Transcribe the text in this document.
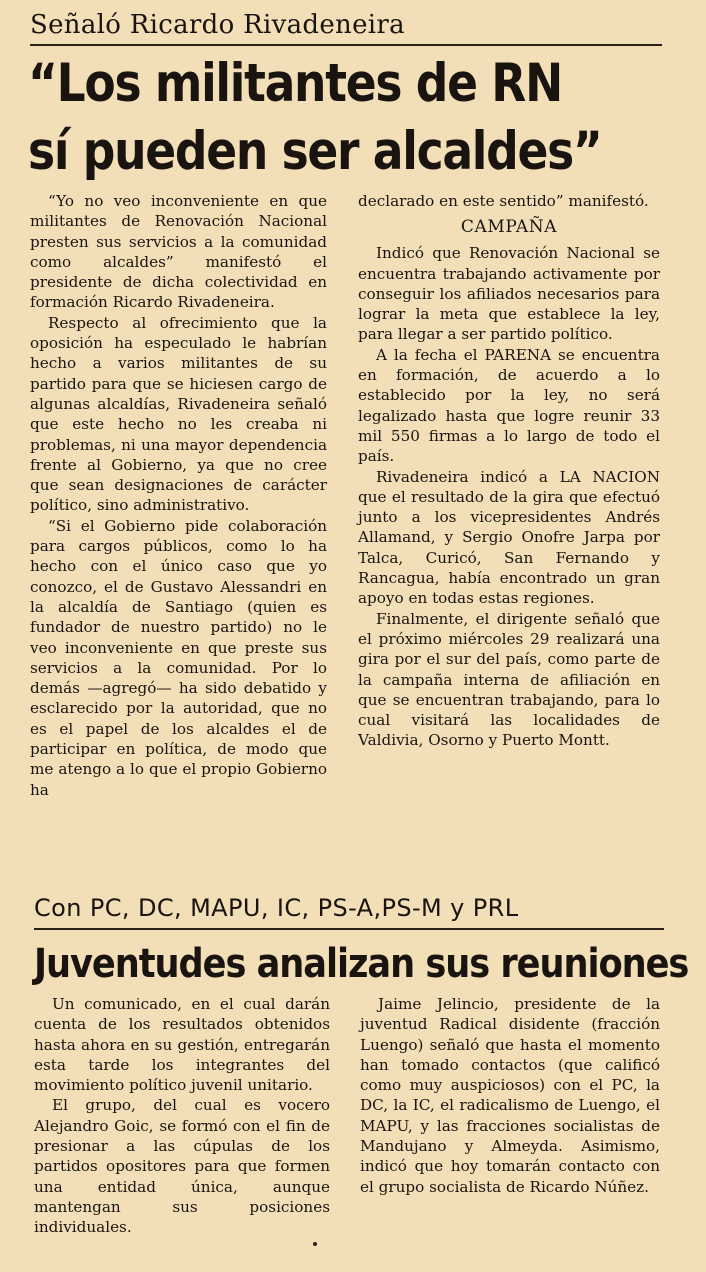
Señaló Ricardo Rivadeneira
“Los militantes de RN
sí pueden ser alcaldes”

“Yo no veo inconveniente en que militantes de Renovación Nacional presten sus servicios a la comunidad como alcaldes” manifestó el presidente de dicha colectividad en formación Ricardo Rivadeneira.

Respecto al ofrecimiento que la oposición ha especulado le habrían hecho a varios militantes de su partido para que se hiciesen cargo de algunas alcaldías, Rivadeneira señaló que este hecho no les creaba ni problemas, ni una mayor dependencia frente al Gobierno, ya que no cree que sean designaciones de carácter político, sino administrativo.

“Si el Gobierno pide colaboración para cargos públicos, como lo ha hecho con el único caso que yo conozco, el de Gustavo Alessandri en la alcaldía de Santiago (quien es fundador de nuestro partido) no le veo inconveniente en que preste sus servicios a la comunidad. Por lo demás —agregó— ha sido debatido y esclarecido por la autoridad, que no es el papel de los alcaldes el de participar en política, de modo que me atengo a lo que el propio Gobierno ha

declarado en este sentido” manifestó.

CAMPAÑA

Indicó que Renovación Nacional se encuentra trabajando activamente por conseguir los afiliados necesarios para lograr la meta que establece la ley, para llegar a ser partido político.

A la fecha el PARENA se encuentra en formación, de acuerdo a lo establecido por la ley, no será legalizado hasta que logre reunir 33 mil 550 firmas a lo largo de todo el país.

Rivadeneira indicó a LA NACION que el resultado de la gira que efectuó junto a los vicepresidentes Andrés Allamand, y Sergio Onofre Jarpa por Talca, Curicó, San Fernando y Rancagua, había encontrado un gran apoyo en todas estas regiones.

Finalmente, el dirigente señaló que el próximo miércoles 29 realizará una gira por el sur del país, como parte de la campaña interna de afiliación en que se encuentran trabajando, para lo cual visitará las localidades de Valdivia, Osorno y Puerto Montt.

Con PC, DC, MAPU, IC, PS-A,PS-M y PRL
Juventudes analizan sus reuniones

Un comunicado, en el cual darán cuenta de los resultados obtenidos hasta ahora en su gestión, entregarán esta tarde los integrantes del movimiento político juvenil unitario.

El grupo, del cual es vocero Alejandro Goic, se formó con el fin de presionar a las cúpulas de los partidos opositores para que formen una entidad única, aunque mantengan sus posiciones individuales.

Jaime Jelincio, presidente de la juventud Radical disidente (fracción Luengo) señaló que hasta el momento han tomado contactos (que calificó como muy auspiciosos) con el PC, la DC, la IC, el radicalismo de Luengo, el MAPU, y las fracciones socialistas de Mandujano y Almeyda. Asimismo, indicó que hoy tomarán contacto con el grupo socialista de Ricardo Núñez.
